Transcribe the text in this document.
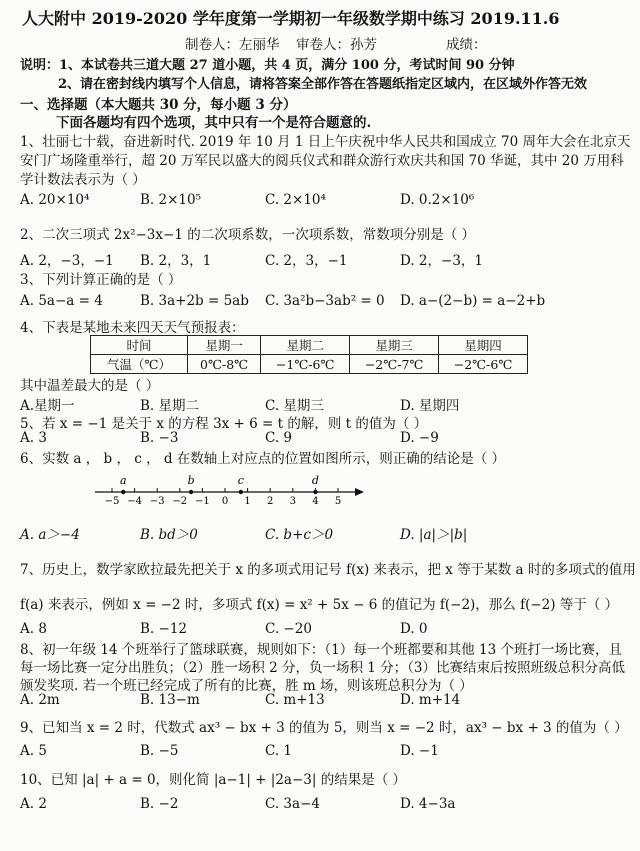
人大附中 2019-2020 学年度第一学期初一年级数学期中练习 2019.11.6
制卷人：左丽华 审卷人：孙芳	成绩：
说明：1、本试卷共三道大题 27 道小题，共 4 页，满分 100 分，考试时间 90 分钟
2、请在密封线内填写个人信息，请将答案全部作答在答题纸指定区域内，在区域外作答无效
一、选择题（本大题共 30 分，每小题 3 分）
下面各题均有四个选项，其中只有一个是符合题意的.
1、壮丽七十载，奋进新时代. 2019 年 10 月 1 日上午庆祝中华人民共和国成立 70 周年大会在北京天
安门广场隆重举行，超 20 万军民以盛大的阅兵仪式和群众游行欢庆共和国 70 华诞，其中 20 万用科
学计数法表示为（ ）
A. 20×10⁴	B. 2×10⁵	C. 2×10⁴	D. 0.2×10⁶
2、二次三项式 2x²−3x−1 的二次项系数，一次项系数，常数项分别是（ ）
A. 2，−3，−1 B. 2，3，1	C. 2，3，−1	D. 2，−3，1
3、下列计算正确的是（ ）
A. 5a−a = 4	B. 3a+2b = 5ab C. 3a²b−3ab² = 0 D. a−(2−b) = a−2+b
4、下表是某地未来四天天气预报表：
时间	星期一	星期二	星期三	星期四
气温（℃）	0℃-8℃	−1℃-6℃	−2℃-7℃	−2℃-6℃
其中温差最大的是（ ）
A.星期一	B. 星期二	C. 星期三	D. 星期四
5、若 x = −1 是关于 x 的方程 3x + 6 = t 的解，则 t 的值为（ ）
A. 3	B. −3	C. 9	D. −9
6、实数 a ， b ， c ， d 在数轴上对应点的位置如图所示，则正确的结论是（ ）
−5 −4 −3 −2 −1 0 1 2 3 4 5
a	b	c	d
A. a＞−4	B. bd＞0	C. b+c＞0	D. |a|＞|b|
7、历史上，数学家欧拉最先把关于 x 的多项式用记号 f(x) 来表示，把 x 等于某数 a 时的多项式的值用
f(a) 来表示，例如 x = −2 时，多项式 f(x) = x² + 5x − 6 的值记为 f(−2)，那么 f(−2) 等于（ ）
A. 8	B. −12	C. −20	D. 0
8、初一年级 14 个班举行了篮球联赛，规则如下：（1）每一个班都要和其他 13 个班打一场比赛，且
每一场比赛一定分出胜负；（2）胜一场积 2 分，负一场积 1 分；（3）比赛结束后按照班级总积分高低
颁发奖项. 若一个班已经完成了所有的比赛，胜 m 场，则该班总积分为（ ）
A. 2m	B. 13−m	C. m+13	D. m+14
9、已知当 x = 2 时，代数式 ax³ − bx + 3 的值为 5，则当 x = −2 时，ax³ − bx + 3 的值为（ ）
A. 5	B. −5	C. 1	D. −1
10、已知 |a| + a = 0，则化简 |a−1| + |2a−3| 的结果是（ ）
A. 2	B. −2	C. 3a−4	D. 4−3a
